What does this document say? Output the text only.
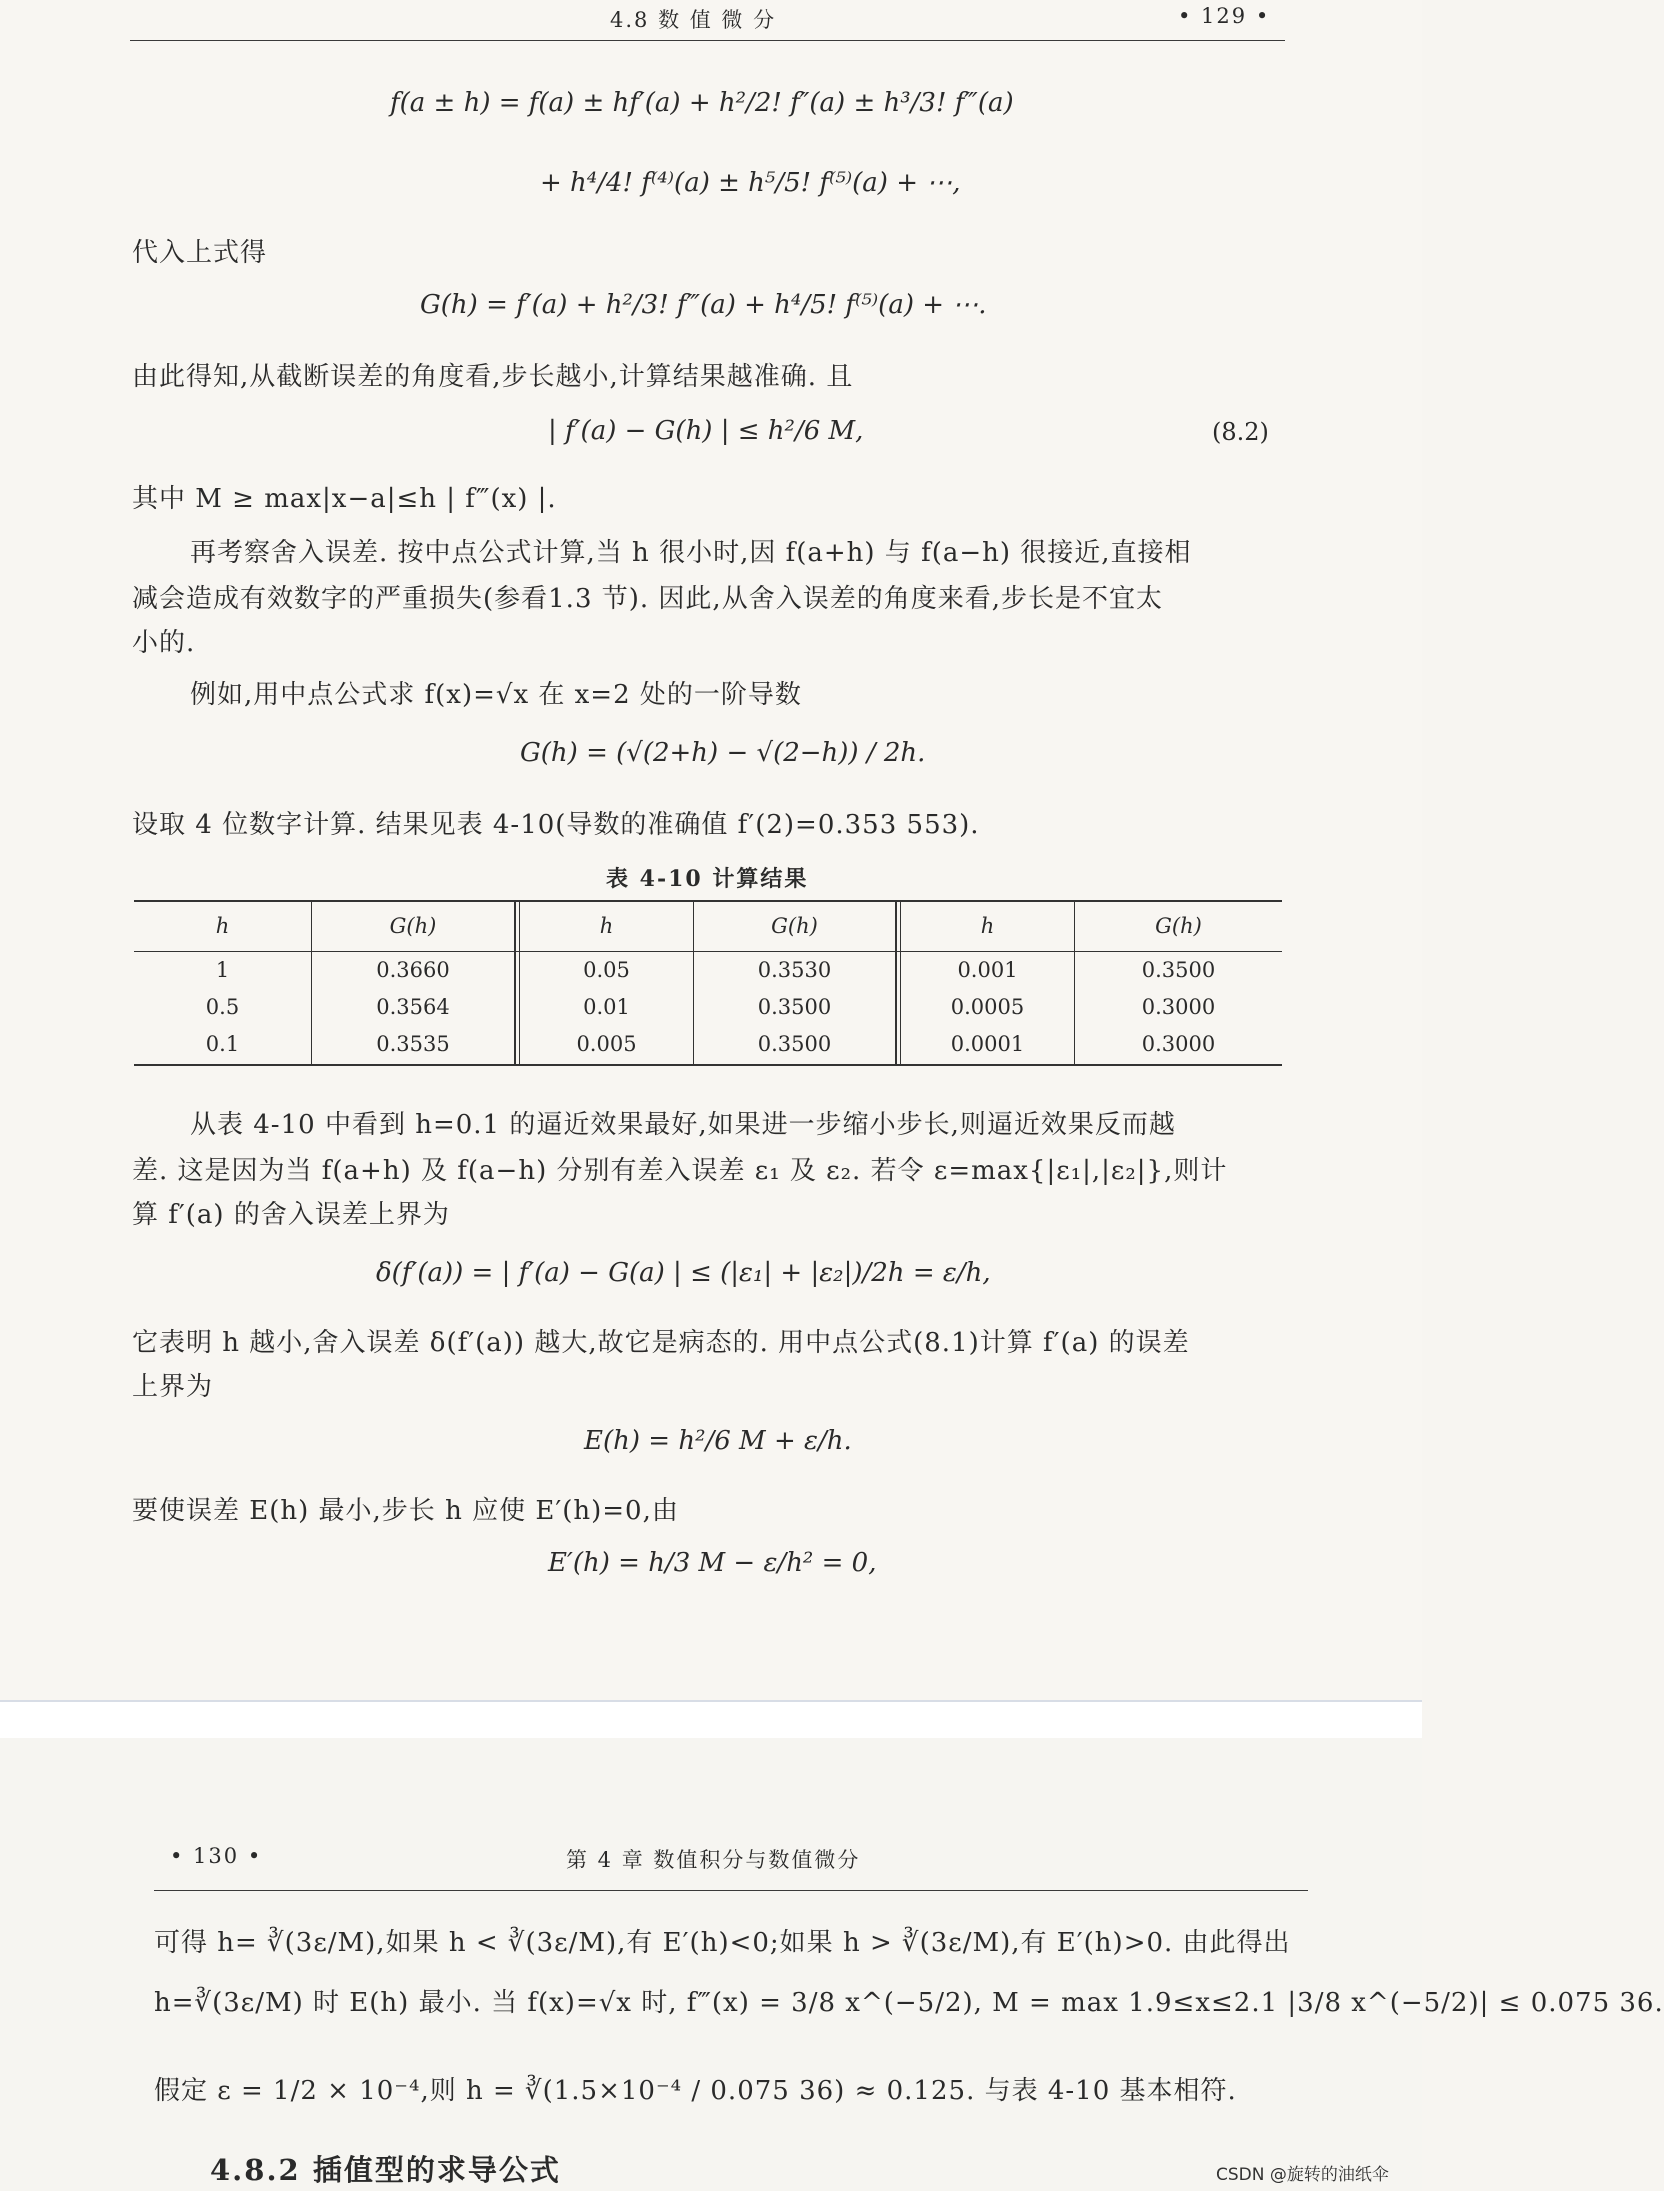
4.8 数 值 微 分	• 129 •
f(a ± h) = f(a) ± hf′(a) + h²/2! f″(a) ± h³/3! f‴(a)
+ h⁴/4! f⁽⁴⁾(a) ± h⁵/5! f⁽⁵⁾(a) + ⋯,
代入上式得
G(h) = f′(a) + h²/3! f‴(a) + h⁴/5! f⁽⁵⁾(a) + ⋯.
由此得知,从截断误差的角度看,步长越小,计算结果越准确. 且
| f′(a) − G(h) | ≤ h²/6 M,	(8.2)
其中 M ≥ max|x−a|≤h | f‴(x) |.
再考察舍入误差. 按中点公式计算,当 h 很小时,因 f(a+h) 与 f(a−h) 很接近,直接相
减会造成有效数字的严重损失(参看1.3 节). 因此,从舍入误差的角度来看,步长是不宜太
小的.
例如,用中点公式求 f(x)=√x 在 x=2 处的一阶导数
G(h) = (√(2+h) − √(2−h)) / 2h.
设取 4 位数字计算. 结果见表 4-10(导数的准确值 f′(2)=0.353 553).
表 4-10 计算结果
h	G(h)	h	G(h)	h	G(h)
1	0.3660	0.05	0.3530	0.001	0.3500
0.5	0.3564	0.01	0.3500	0.0005	0.3000
0.1	0.3535	0.005	0.3500	0.0001	0.3000
从表 4-10 中看到 h=0.1 的逼近效果最好,如果进一步缩小步长,则逼近效果反而越
差. 这是因为当 f(a+h) 及 f(a−h) 分别有差入误差 ε₁ 及 ε₂. 若令 ε=max{|ε₁|,|ε₂|},则计
算 f′(a) 的舍入误差上界为
δ(f′(a)) = | f′(a) − G(a) | ≤ (|ε₁| + |ε₂|)/2h = ε/h,
它表明 h 越小,舍入误差 δ(f′(a)) 越大,故它是病态的. 用中点公式(8.1)计算 f′(a) 的误差
上界为
E(h) = h²/6 M + ε/h.
要使误差 E(h) 最小,步长 h 应使 E′(h)=0,由
E′(h) = h/3 M − ε/h² = 0,
• 130 •	第 4 章 数值积分与数值微分
可得 h= ∛(3ε/M),如果 h < ∛(3ε/M),有 E′(h)<0;如果 h > ∛(3ε/M),有 E′(h)>0. 由此得出
h=∛(3ε/M) 时 E(h) 最小. 当 f(x)=√x 时, f‴(x) = 3/8 x^(−5/2), M = max 1.9≤x≤2.1 |3/8 x^(−5/2)| ≤ 0.075 36.
假定 ε = 1/2 × 10⁻⁴,则 h = ∛(1.5×10⁻⁴ / 0.075 36) ≈ 0.125. 与表 4-10 基本相符.
4.8.2 插值型的求导公式	CSDN @旋转的油纸伞
